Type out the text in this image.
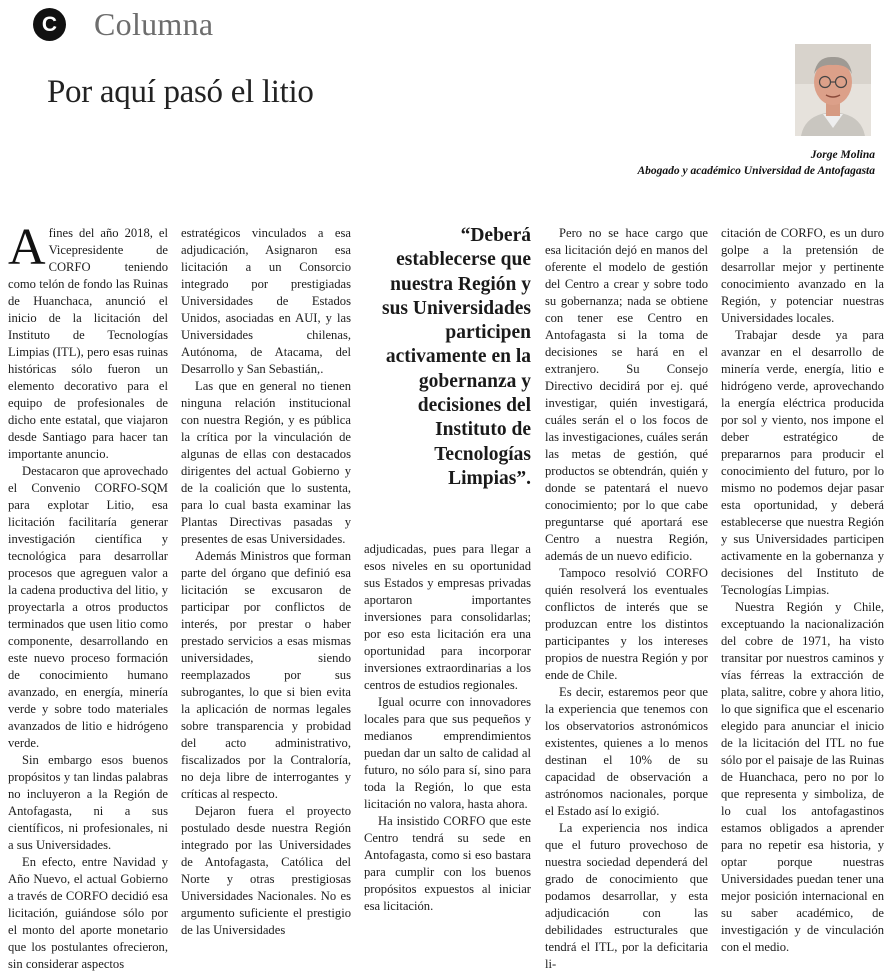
C Columna
Por aquí pasó el litio
Jorge Molina
Abogado y académico Universidad de Antofagasta

A fines del año 2018, el Vicepresidente de CORFO teniendo como telón de fondo las Ruinas de Huanchaca, anunció el inicio de la licitación del Instituto de Tecnologías Limpias (ITL), pero esas ruinas históricas sólo fueron un elemento decorativo para el equipo de profesionales de dicho ente estatal, que viajaron desde Santiago para hacer tan importante anuncio.

Destacaron que aprovechado el Convenio CORFO-SQM para explotar Litio, esa licitación facilitaría generar investigación científica y tecnológica para desarrollar procesos que agreguen valor a la cadena productiva del litio, y proyectarla a otros productos terminados que usen litio como componente, desarrollando en este nuevo proceso formación de conocimiento humano avanzado, en energía, minería verde y sobre todo materiales avanzados de litio e hidrógeno verde.

Sin embargo esos buenos propósitos y tan lindas palabras no incluyeron a la Región de Antofagasta, ni a sus científicos, ni profesionales, ni a sus Universidades.

En efecto, entre Navidad y Año Nuevo, el actual Gobierno a través de CORFO decidió esa licitación, guiándose sólo por el monto del aporte monetario que los postulantes ofrecieron, sin considerar aspectos

estratégicos vinculados a esa adjudicación, Asignaron esa licitación a un Consorcio integrado por prestigiadas Universidades de Estados Unidos, asociadas en AUI, y las Universidades chilenas, Autónoma, de Atacama, del Desarrollo y San Sebastián,.

Las que en general no tienen ninguna relación institucional con nuestra Región, y es pública la crítica por la vinculación de algunas de ellas con destacados dirigentes del actual Gobierno y de la coalición que lo sustenta, para lo cual basta examinar las Plantas Directivas pasadas y presentes de esas Universidades.

Además Ministros que forman parte del órgano que definió esa licitación se excusaron de participar por conflictos de interés, por prestar o haber prestado servicios a esas mismas universidades, siendo reemplazados por sus subrogantes, lo que si bien evita la aplicación de normas legales sobre transparencia y probidad del acto administrativo, fiscalizados por la Contraloría, no deja libre de interrogantes y críticas al respecto.

Dejaron fuera el proyecto postulado desde nuestra Región integrado por las Universidades de Antofagasta, Católica del Norte y otras prestigiosas Universidades Nacionales. No es argumento suficiente el prestigio de las Universidades

“Deberá establecerse que nuestra Región y sus Universidades participen activamente en la gobernanza y decisiones del Instituto de Tecnologías Limpias”.

adjudicadas, pues para llegar a esos niveles en su oportunidad sus Estados y empresas privadas aportaron importantes inversiones para consolidarlas; por eso esta licitación era una oportunidad para incorporar inversiones extraordinarias a los centros de estudios regionales.

Igual ocurre con innovadores locales para que sus pequeños y medianos emprendimientos puedan dar un salto de calidad al futuro, no sólo para sí, sino para toda la Región, lo que esta licitación no valora, hasta ahora.

Ha insistido CORFO que este Centro tendrá su sede en Antofagasta, como si eso bastara para cumplir con los buenos propósitos expuestos al iniciar esa licitación.

Pero no se hace cargo que esa licitación dejó en manos del oferente el modelo de gestión del Centro a crear y sobre todo su gobernanza; nada se obtiene con tener ese Centro en Antofagasta si la toma de decisiones se hará en el extranjero. Su Consejo Directivo decidirá por ej. qué investigar, quién investigará, cuáles serán el o los focos de las investigaciones, cuáles serán las metas de gestión, qué productos se obtendrán, quién y donde se patentará el nuevo conocimiento; por lo que cabe preguntarse qué aportará ese Centro a nuestra Región, además de un nuevo edificio.

Tampoco resolvió CORFO quién resolverá los eventuales conflictos de interés que se produzcan entre los distintos participantes y los intereses propios de nuestra Región y por ende de Chile.

Es decir, estaremos peor que la experiencia que tenemos con los observatorios astronómicos existentes, quienes a lo menos destinan el 10% de su capacidad de observación a astrónomos nacionales, porque el Estado así lo exigió.

La experiencia nos indica que el futuro provechoso de nuestra sociedad dependerá del grado de conocimiento que podamos desarrollar, y esta adjudicación con las debilidades estructurales que tendrá el ITL, por la deficitaria li-

citación de CORFO, es un duro golpe a la pretensión de desarrollar mejor y pertinente conocimiento avanzado en la Región, y potenciar nuestras Universidades locales.

Trabajar desde ya para avanzar en el desarrollo de minería verde, energía, litio e hidrógeno verde, aprovechando la energía eléctrica producida por sol y viento, nos impone el deber estratégico de prepararnos para producir el conocimiento del futuro, por lo mismo no podemos dejar pasar esta oportunidad, y deberá establecerse que nuestra Región y sus Universidades participen activamente en la gobernanza y decisiones del Instituto de Tecnologías Limpias.

Nuestra Región y Chile, exceptuando la nacionalización del cobre de 1971, ha visto transitar por nuestros caminos y vías férreas la extracción de plata, salitre, cobre y ahora litio, lo que significa que el escenario elegido para anunciar el inicio de la licitación del ITL no fue sólo por el paisaje de las Ruinas de Huanchaca, pero no por lo que representa y simboliza, de lo cual los antofagastinos estamos obligados a aprender para no repetir esa historia, y optar porque nuestras Universidades puedan tener una mejor posición internacional en su saber académico, de investigación y de vinculación con el medio.
